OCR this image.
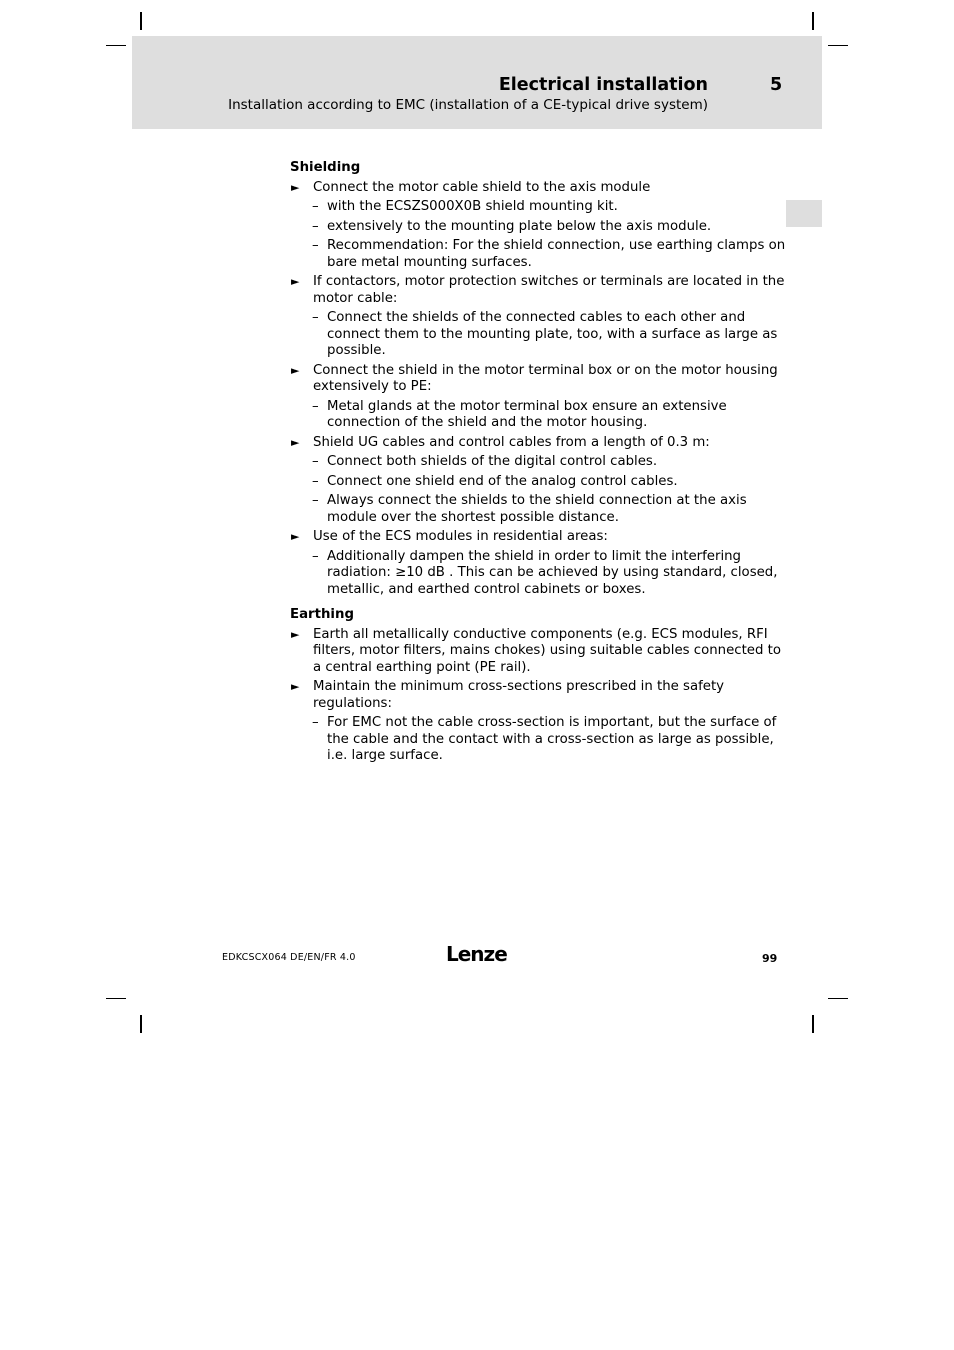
Electrical installation	5
Installation according to EMC (installation of a CE-typical drive system)
Shielding
► Connect the motor cable shield to the axis module
– with the ECSZS000X0B shield mounting kit.
– extensively to the mounting plate below the axis module.
– Recommendation: For the shield connection, use earthing clamps on bare metal mounting surfaces.
► If contactors, motor protection switches or terminals are located in the motor cable:
– Connect the shields of the connected cables to each other and connect them to the mounting plate, too, with a surface as large as possible.
► Connect the shield in the motor terminal box or on the motor housing extensively to PE:
– Metal glands at the motor terminal box ensure an extensive connection of the shield and the motor housing.
► Shield UG cables and control cables from a length of 0.3 m:
– Connect both shields of the digital control cables.
– Connect one shield end of the analog control cables.
– Always connect the shields to the shield connection at the axis module over the shortest possible distance.
► Use of the ECS modules in residential areas:
– Additionally dampen the shield in order to limit the interfering radiation: ≥10 dB . This can be achieved by using standard, closed, metallic, and earthed control cabinets or boxes.
Earthing
► Earth all metallically conductive components (e.g. ECS modules, RFI filters, motor filters, mains chokes) using suitable cables connected to a central earthing point (PE rail).
► Maintain the minimum cross-sections prescribed in the safety regulations:
– For EMC not the cable cross-section is important, but the surface of the cable and the contact with a cross-section as large as possible, i.e. large surface.
EDKCSCX064 DE/EN/FR 4.0	Lenze	99
